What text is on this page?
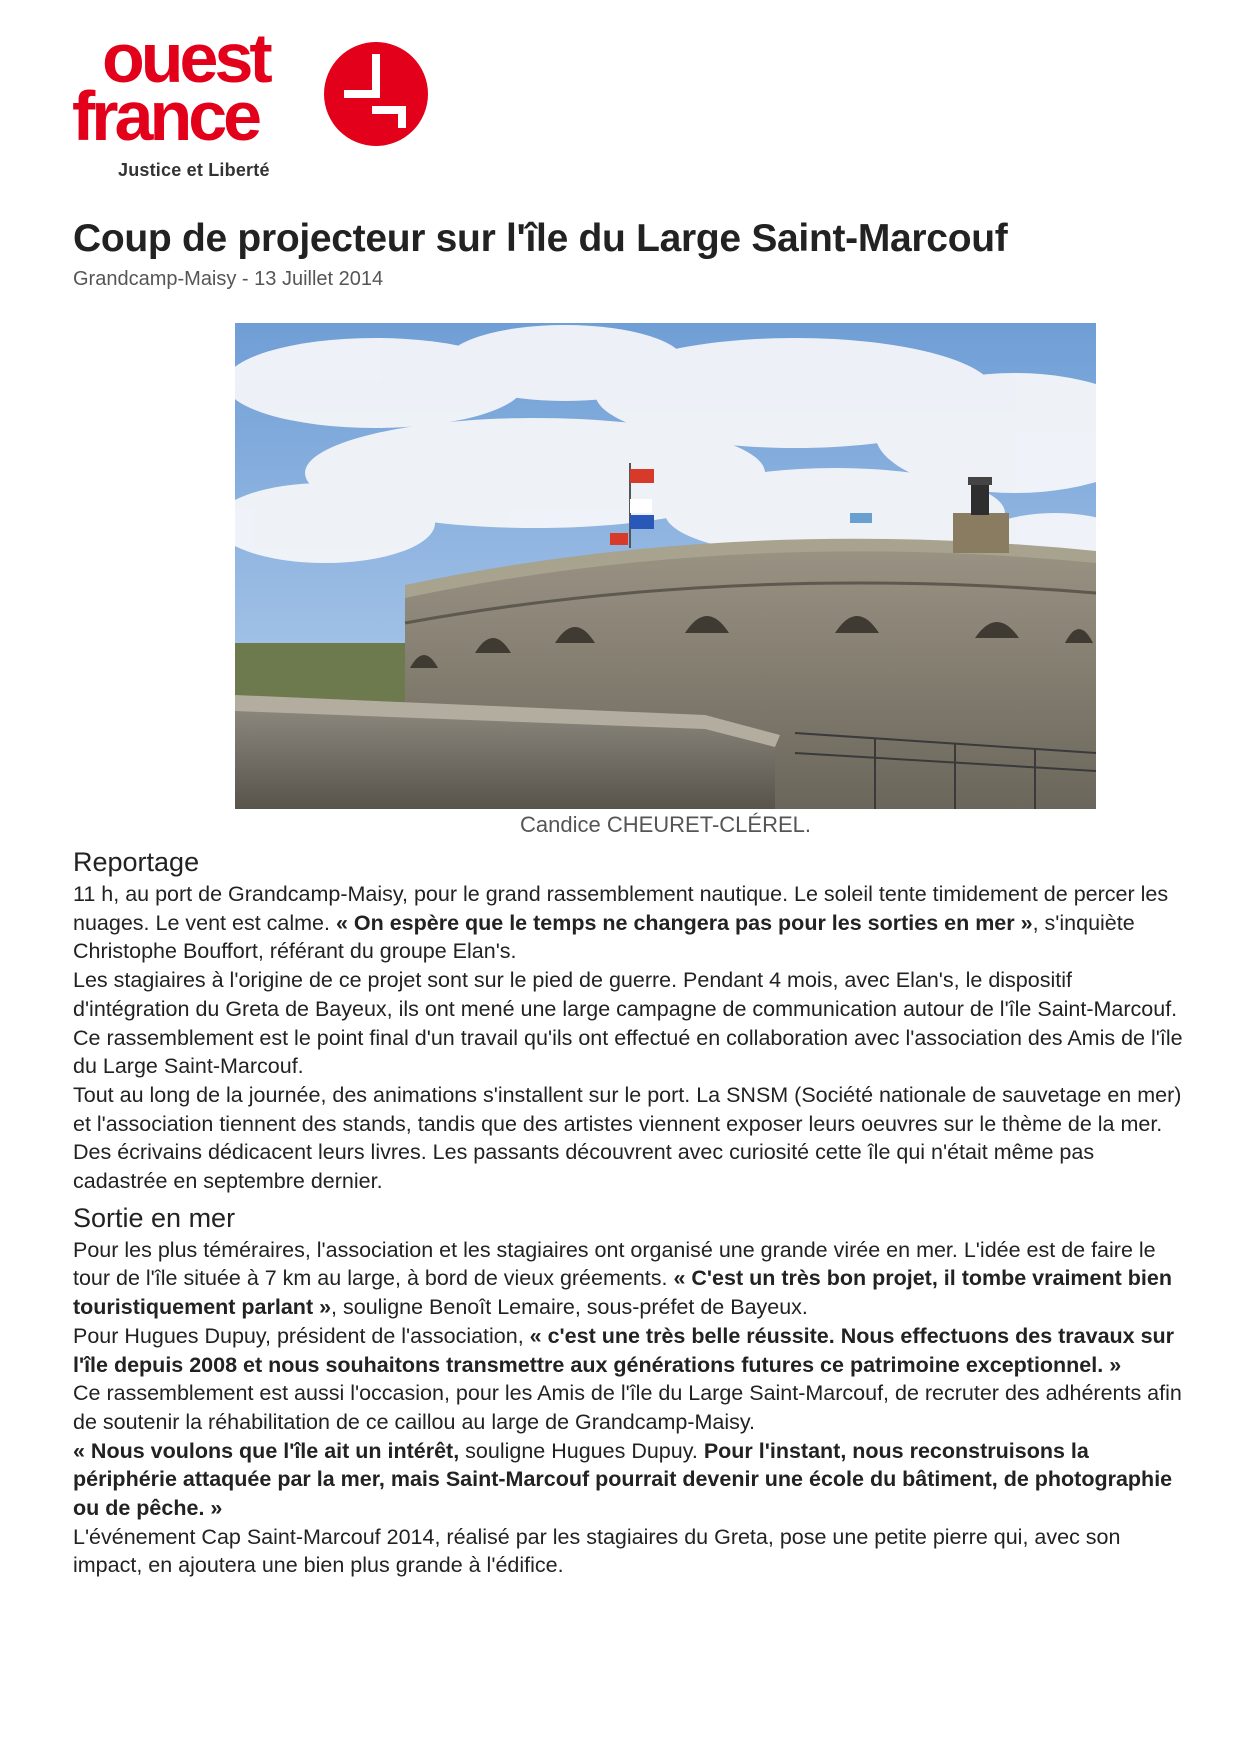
ouest
france
Justice et Liberté
Coup de projecteur sur l'île du Large Saint-Marcouf
Grandcamp-Maisy - 13 Juillet 2014
Candice CHEURET-CLÉREL.
Reportage
11 h, au port de Grandcamp-Maisy, pour le grand rassemblement nautique. Le soleil tente timidement de percer les nuages. Le vent est calme. « On espère que le temps ne changera pas pour les sorties en mer », s'inquiète Christophe Bouffort, référant du groupe Elan's.
Les stagiaires à l'origine de ce projet sont sur le pied de guerre. Pendant 4 mois, avec Elan's, le dispositif d'intégration du Greta de Bayeux, ils ont mené une large campagne de communication autour de l'île Saint-Marcouf.
Ce rassemblement est le point final d'un travail qu'ils ont effectué en collaboration avec l'association des Amis de l'île du Large Saint-Marcouf.
Tout au long de la journée, des animations s'installent sur le port. La SNSM (Société nationale de sauvetage en mer) et l'association tiennent des stands, tandis que des artistes viennent exposer leurs oeuvres sur le thème de la mer. Des écrivains dédicacent leurs livres. Les passants découvrent avec curiosité cette île qui n'était même pas cadastrée en septembre dernier.
Sortie en mer
Pour les plus téméraires, l'association et les stagiaires ont organisé une grande virée en mer. L'idée est de faire le tour de l'île située à 7 km au large, à bord de vieux gréements. « C'est un très bon projet, il tombe vraiment bien touristiquement parlant », souligne Benoît Lemaire, sous-préfet de Bayeux.
Pour Hugues Dupuy, président de l'association, « c'est une très belle réussite. Nous effectuons des travaux sur l'île depuis 2008 et nous souhaitons transmettre aux générations futures ce patrimoine exceptionnel. »
Ce rassemblement est aussi l'occasion, pour les Amis de l'île du Large Saint-Marcouf, de recruter des adhérents afin de soutenir la réhabilitation de ce caillou au large de Grandcamp-Maisy.
« Nous voulons que l'île ait un intérêt, souligne Hugues Dupuy. Pour l'instant, nous reconstruisons la périphérie attaquée par la mer, mais Saint-Marcouf pourrait devenir une école du bâtiment, de photographie ou de pêche. »
L'événement Cap Saint-Marcouf 2014, réalisé par les stagiaires du Greta, pose une petite pierre qui, avec son impact, en ajoutera une bien plus grande à l'édifice.
